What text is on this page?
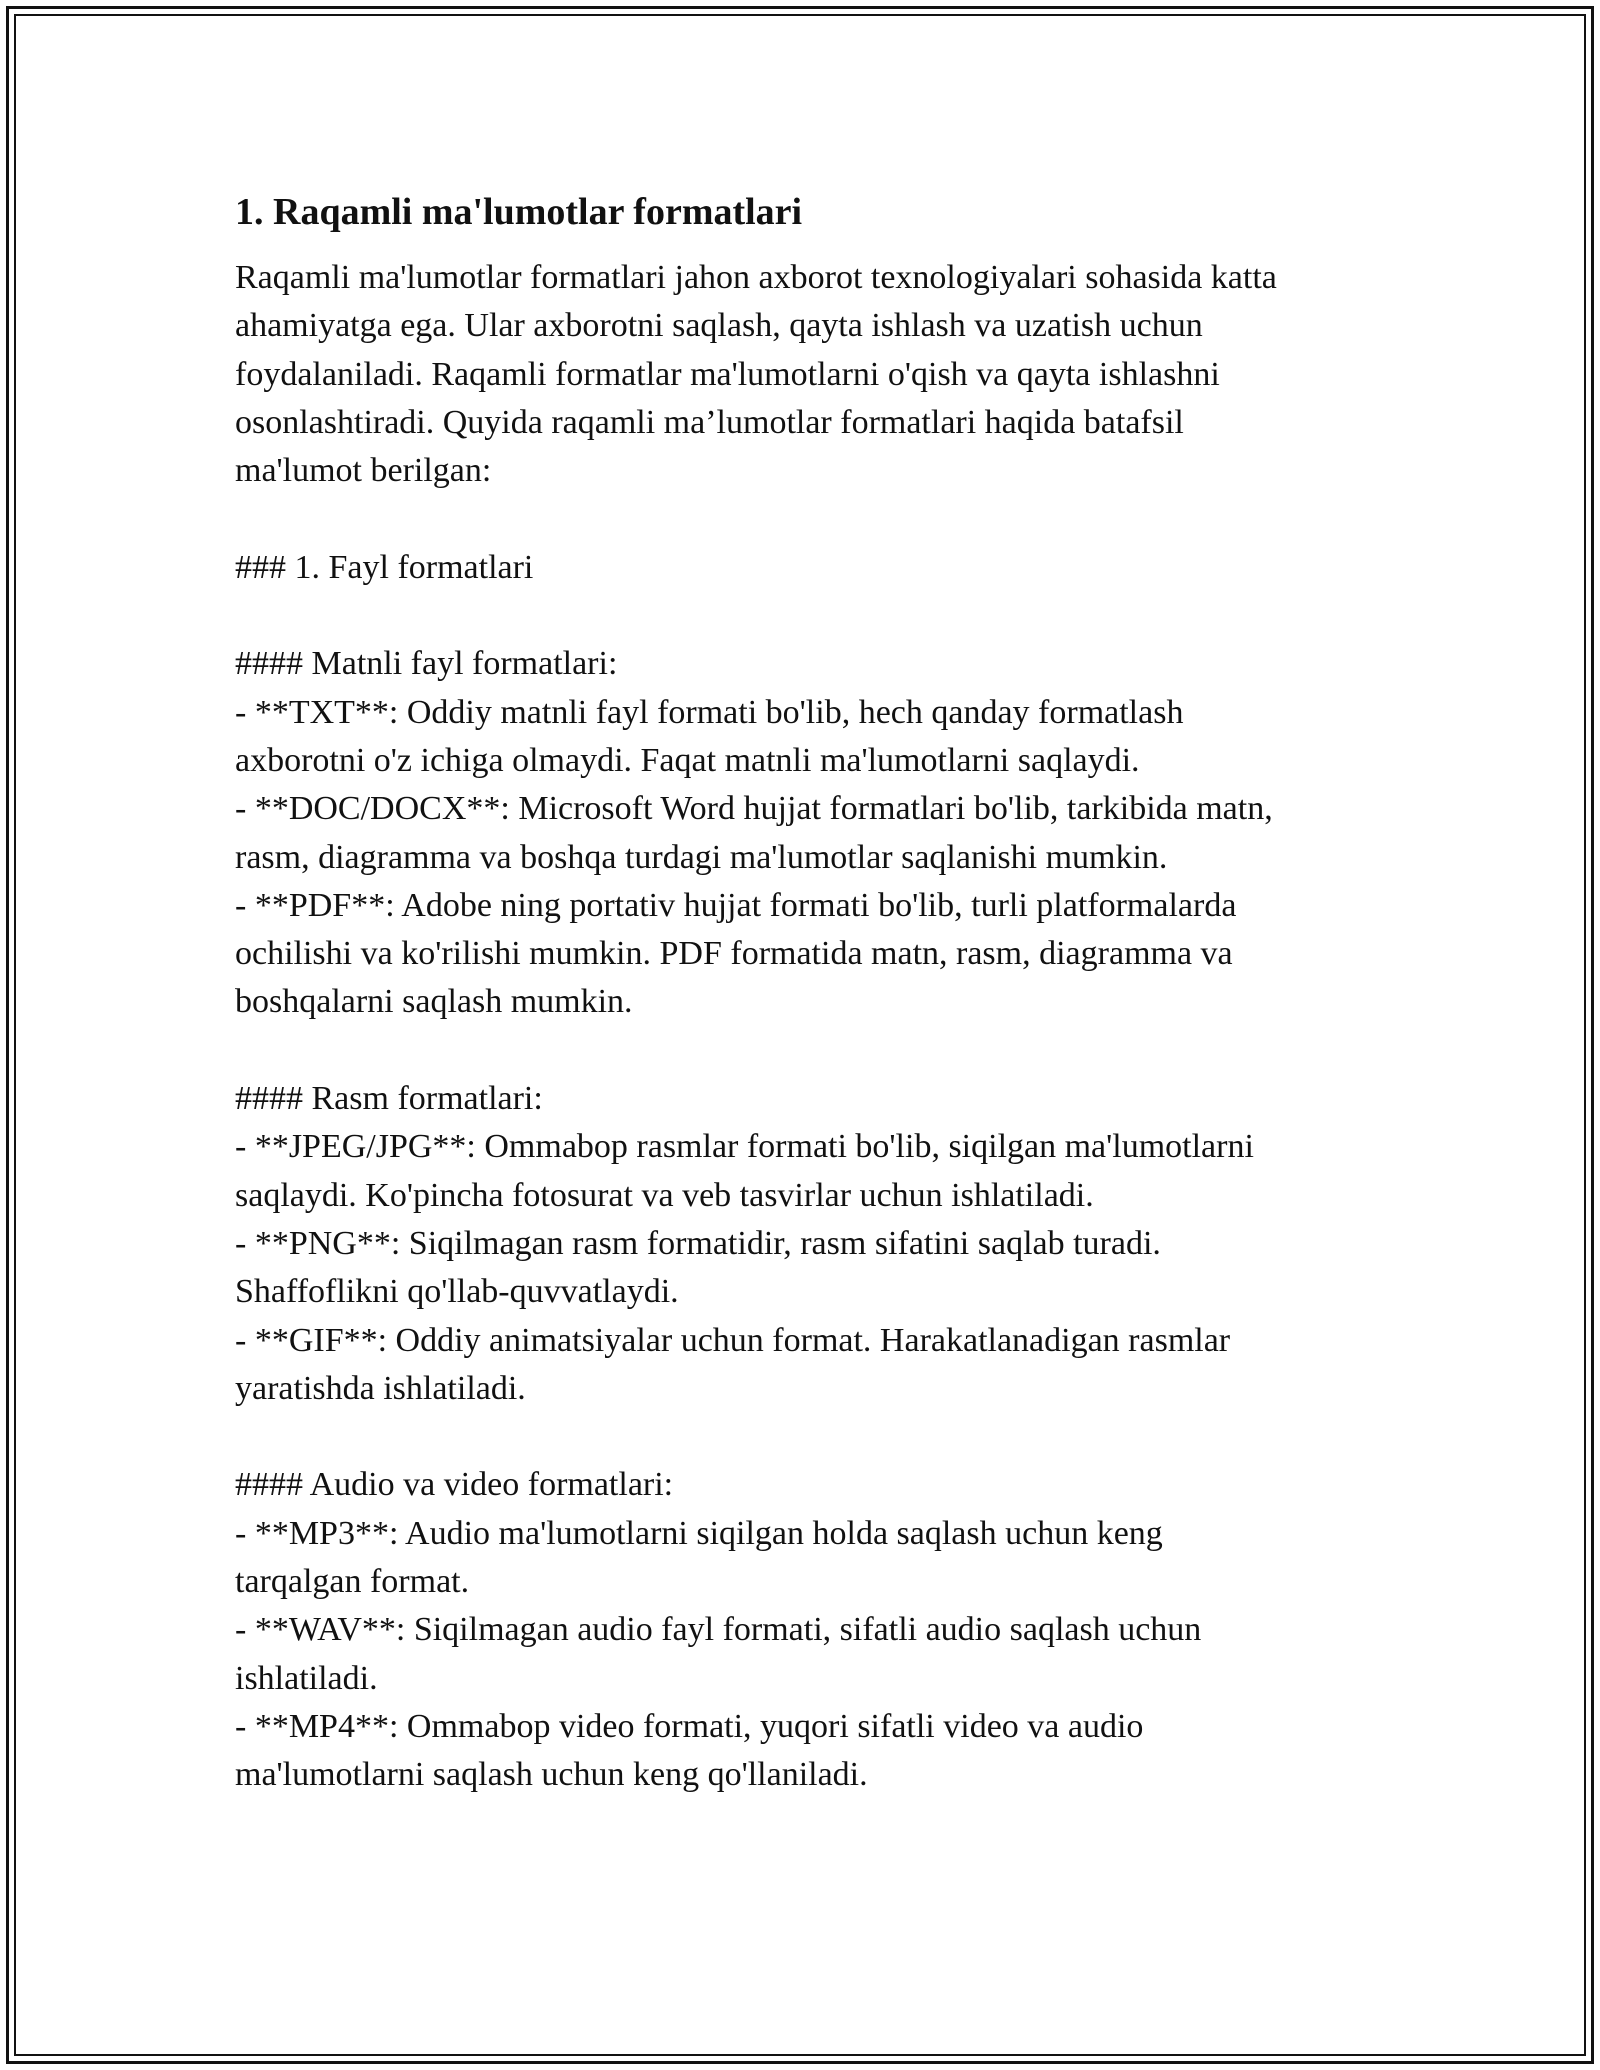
1. Raqamli ma'lumotlar formatlari

Raqamli ma'lumotlar formatlari jahon axborot texnologiyalari sohasida katta
ahamiyatga ega. Ular axborotni saqlash, qayta ishlash va uzatish uchun
foydalaniladi. Raqamli formatlar ma'lumotlarni o'qish va qayta ishlashni
osonlashtiradi. Quyida raqamli ma’lumotlar formatlari haqida batafsil
ma'lumot berilgan:

### 1. Fayl formatlari

#### Matnli fayl formatlari:
- **TXT**: Oddiy matnli fayl formati bo'lib, hech qanday formatlash
axborotni o'z ichiga olmaydi. Faqat matnli ma'lumotlarni saqlaydi.
- **DOC/DOCX**: Microsoft Word hujjat formatlari bo'lib, tarkibida matn,
rasm, diagramma va boshqa turdagi ma'lumotlar saqlanishi mumkin.
- **PDF**: Adobe ning portativ hujjat formati bo'lib, turli platformalarda
ochilishi va ko'rilishi mumkin. PDF formatida matn, rasm, diagramma va
boshqalarni saqlash mumkin.

#### Rasm formatlari:
- **JPEG/JPG**: Ommabop rasmlar formati bo'lib, siqilgan ma'lumotlarni
saqlaydi. Ko'pincha fotosurat va veb tasvirlar uchun ishlatiladi.
- **PNG**: Siqilmagan rasm formatidir, rasm sifatini saqlab turadi.
Shaffoflikni qo'llab-quvvatlaydi.
- **GIF**: Oddiy animatsiyalar uchun format. Harakatlanadigan rasmlar
yaratishda ishlatiladi.

#### Audio va video formatlari:
- **MP3**: Audio ma'lumotlarni siqilgan holda saqlash uchun keng
tarqalgan format.
- **WAV**: Siqilmagan audio fayl formati, sifatli audio saqlash uchun
ishlatiladi.
- **MP4**: Ommabop video formati, yuqori sifatli video va audio
ma'lumotlarni saqlash uchun keng qo'llaniladi.
